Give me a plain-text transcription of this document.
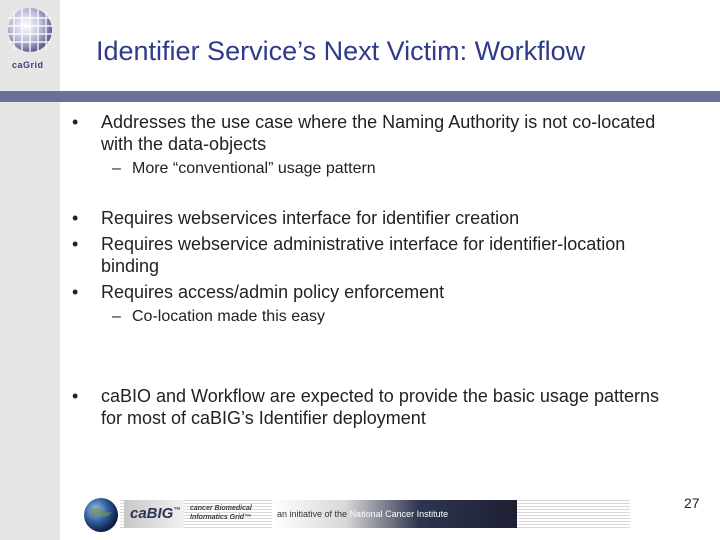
caGrid Identifier Service’s Next Victim: Workflow
• Addresses the use case where the Naming Authority is not co-located with the data-objects
– More “conventional” usage pattern
• Requires webservices interface for identifier creation
• Requires webservice administrative interface for identifier-location binding
• Requires access/admin policy enforcement
– Co-location made this easy
• caBIO and Workflow are expected to provide the basic usage patterns for most of caBIG’s Identifier deployment
caBIG™ cancer Biomedical
Informatics Grid™	an initiative of the National Cancer Institute
27
